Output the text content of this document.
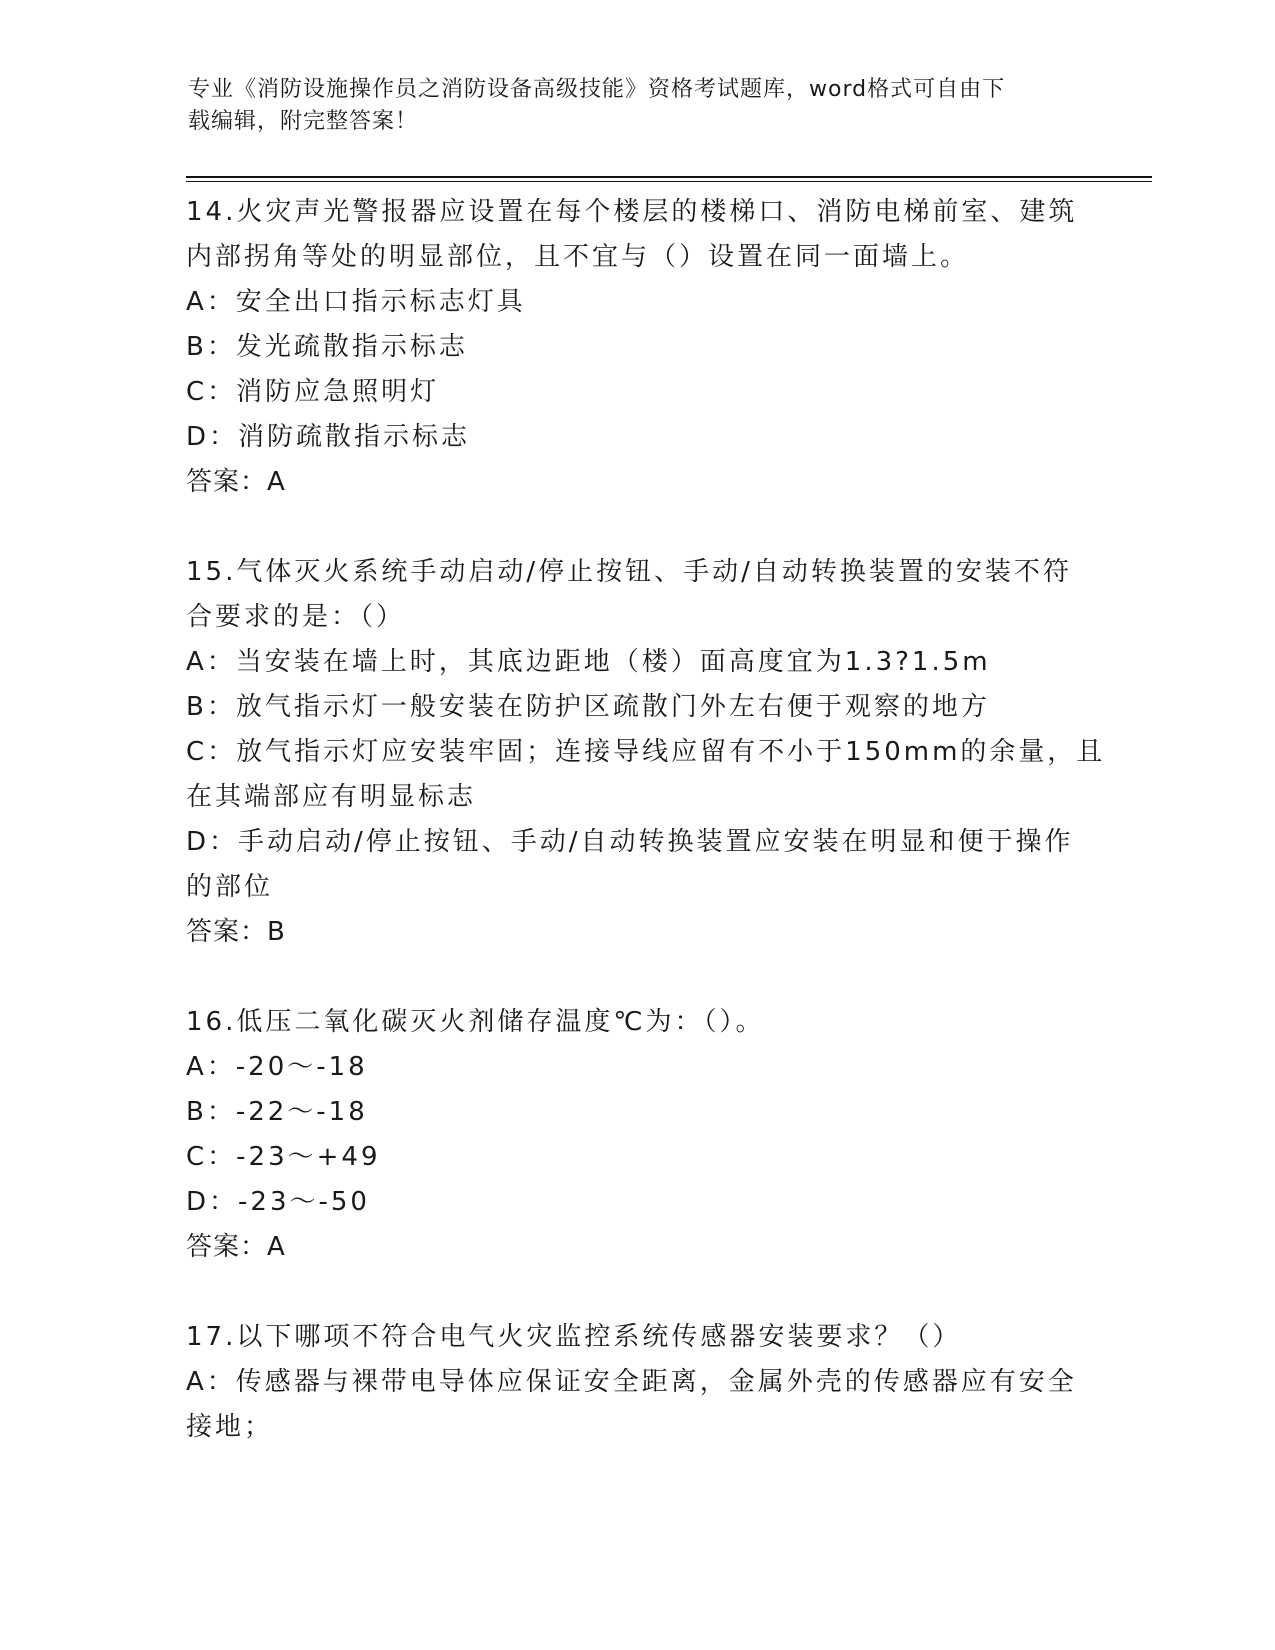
专业《消防设施操作员之消防设备高级技能》资格考试题库，word格式可自由下
载编辑，附完整答案！
14.火灾声光警报器应设置在每个楼层的楼梯口、消防电梯前室、建筑
内部拐角等处的明显部位，且不宜与（）设置在同一面墙上。
A：安全出口指示标志灯具
B：发光疏散指示标志
C：消防应急照明灯
D：消防疏散指示标志
答案：A
15.气体灭火系统手动启动/停止按钮、手动/自动转换装置的安装不符
合要求的是：（）
A：当安装在墙上时，其底边距地（楼）面高度宜为1.3?1.5m
B：放气指示灯一般安装在防护区疏散门外左右便于观察的地方
C：放气指示灯应安装牢固；连接导线应留有不小于150mm的余量，且
在其端部应有明显标志
D：手动启动/停止按钮、手动/自动转换装置应安装在明显和便于操作
的部位
答案：B
16.低压二氧化碳灭火剂储存温度℃为：（）。
A：-20～-18
B：-22～-18
C：-23～+49
D：-23～-50
答案：A
17.以下哪项不符合电气火灾监控系统传感器安装要求？（）
A：传感器与裸带电导体应保证安全距离，金属外壳的传感器应有安全
接地；
